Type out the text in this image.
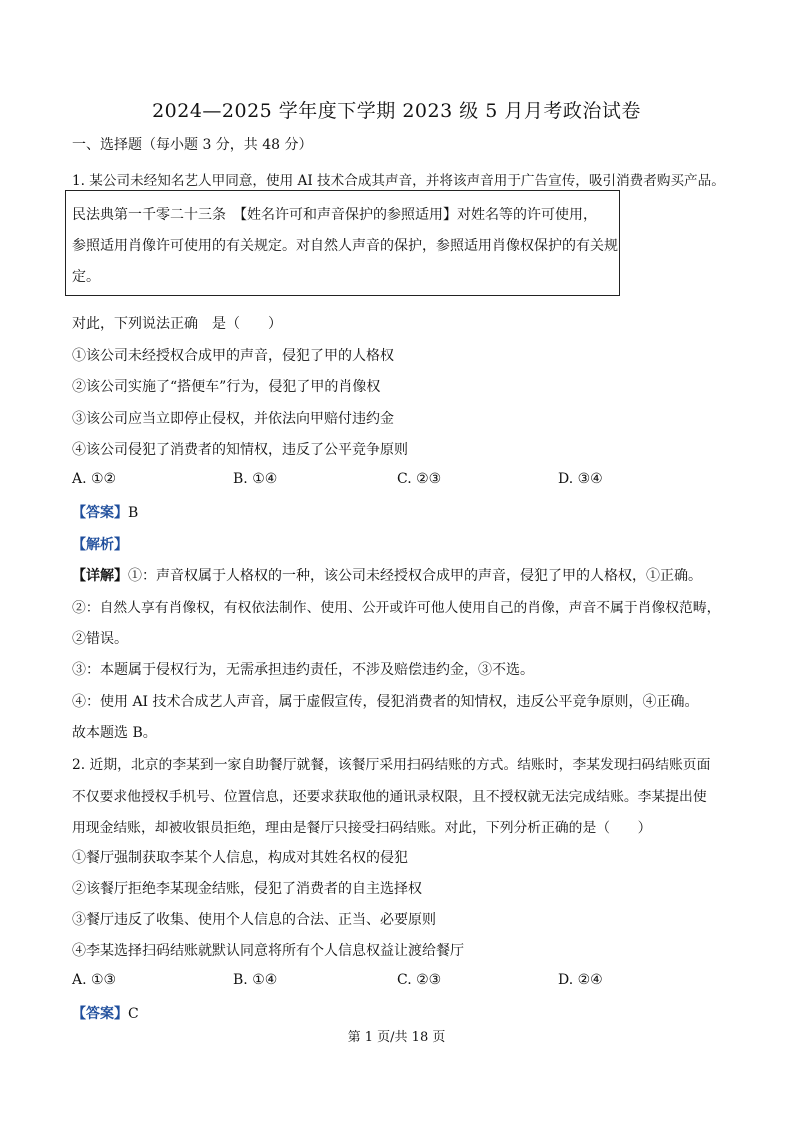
2024—2025 学年度下学期 2023 级 5 月月考政治试卷
一、选择题（每小题 3 分，共 48 分）
1. 某公司未经知名艺人甲同意，使用 AI 技术合成其声音，并将该声音用于广告宣传，吸引消费者购买产品。
民法典第一千零二十三条　【姓名许可和声音保护的参照适用】对姓名等的许可使用，
参照适用肖像许可使用的有关规定。对自然人声音的保护，参照适用肖像权保护的有关规
定。
对此，下列说法正确　是（　　）
①该公司未经授权合成甲的声音，侵犯了甲的人格权
②该公司实施了“搭便车”行为，侵犯了甲的肖像权
③该公司应当立即停止侵权，并依法向甲赔付违约金
④该公司侵犯了消费者的知情权，违反了公平竞争原则
A. ①②	B. ①④	C. ②③	D. ③④
【答案】B
【解析】
【详解】①：声音权属于人格权的一种，该公司未经授权合成甲的声音，侵犯了甲的人格权，①正确。
②：自然人享有肖像权，有权依法制作、使用、公开或许可他人使用自己的肖像，声音不属于肖像权范畴，
②错误。
③：本题属于侵权行为，无需承担违约责任，不涉及赔偿违约金，③不选。
④：使用 AI 技术合成艺人声音，属于虚假宣传，侵犯消费者的知情权，违反公平竞争原则，④正确。
故本题选 B。
2. 近期，北京的李某到一家自助餐厅就餐，该餐厅采用扫码结账的方式。结账时，李某发现扫码结账页面
不仅要求他授权手机号、位置信息，还要求获取他的通讯录权限，且不授权就无法完成结账。李某提出使
用现金结账，却被收银员拒绝，理由是餐厅只接受扫码结账。对此，下列分析正确的是（　　）
①餐厅强制获取李某个人信息，构成对其姓名权的侵犯
②该餐厅拒绝李某现金结账，侵犯了消费者的自主选择权
③餐厅违反了收集、使用个人信息的合法、正当、必要原则
④李某选择扫码结账就默认同意将所有个人信息权益让渡给餐厅
A. ①③	B. ①④	C. ②③	D. ②④
【答案】C
第 1 页/共 18 页
